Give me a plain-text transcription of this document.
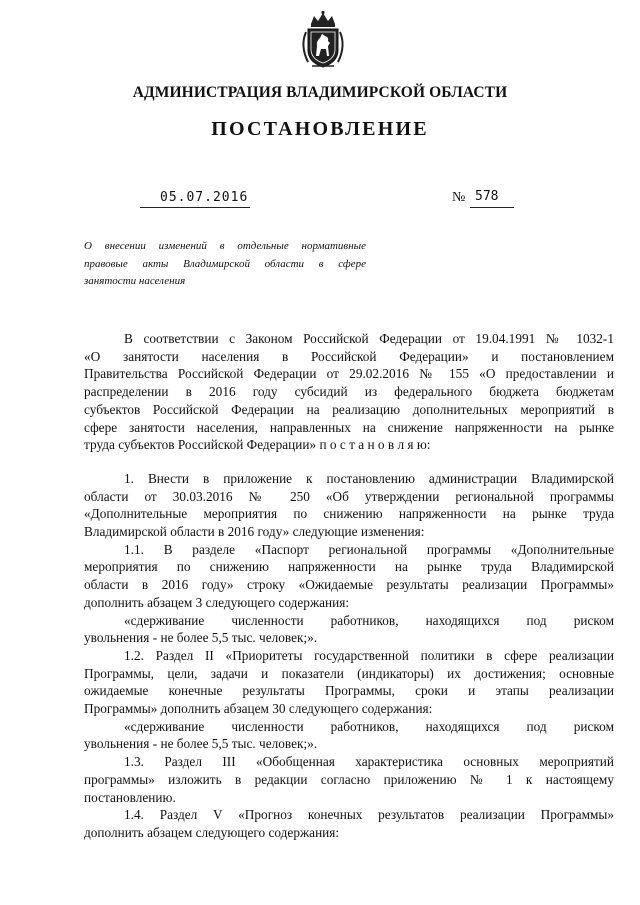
АДМИНИСТРАЦИЯ ВЛАДИМИРСКОЙ ОБЛАСТИ
ПОСТАНОВЛЕНИЕ
05.07.2016	№ 578
О внесении изменений в отдельные нормативные
правовые акты Владимирской области в сфере
занятости населения
В соответствии с Законом Российской Федерации от 19.04.1991 № 1032-1
«О занятости населения в Российской Федерации» и постановлением
Правительства Российской Федерации от 29.02.2016 № 155 «О предоставлении и
распределении в 2016 году субсидий из федерального бюджета бюджетам
субъектов Российской Федерации на реализацию дополнительных мероприятий в
сфере занятости населения, направленных на снижение напряженности на рынке
труда субъектов Российской Федерации» п о с т а н о в л я ю:
1. Внести в приложение к постановлению администрации Владимирской
области от 30.03.2016 № 250 «Об утверждении региональной программы
«Дополнительные мероприятия по снижению напряженности на рынке труда
Владимирской области в 2016 году» следующие изменения:
1.1. В разделе «Паспорт региональной программы «Дополнительные
мероприятия по снижению напряженности на рынке труда Владимирской
области в 2016 году» строку «Ожидаемые результаты реализации Программы»
дополнить абзацем 3 следующего содержания:
«сдерживание численности работников, находящихся под риском
увольнения - не более 5,5 тыс. человек;».
1.2. Раздел II «Приоритеты государственной политики в сфере реализации
Программы, цели, задачи и показатели (индикаторы) их достижения; основные
ожидаемые конечные результаты Программы, сроки и этапы реализации
Программы» дополнить абзацем 30 следующего содержания:
«сдерживание численности работников, находящихся под риском
увольнения - не более 5,5 тыс. человек;».
1.3. Раздел III «Обобщенная характеристика основных мероприятий
программы» изложить в редакции согласно приложению № 1 к настоящему
постановлению.
1.4. Раздел V «Прогноз конечных результатов реализации Программы»
дополнить абзацем следующего содержания:
